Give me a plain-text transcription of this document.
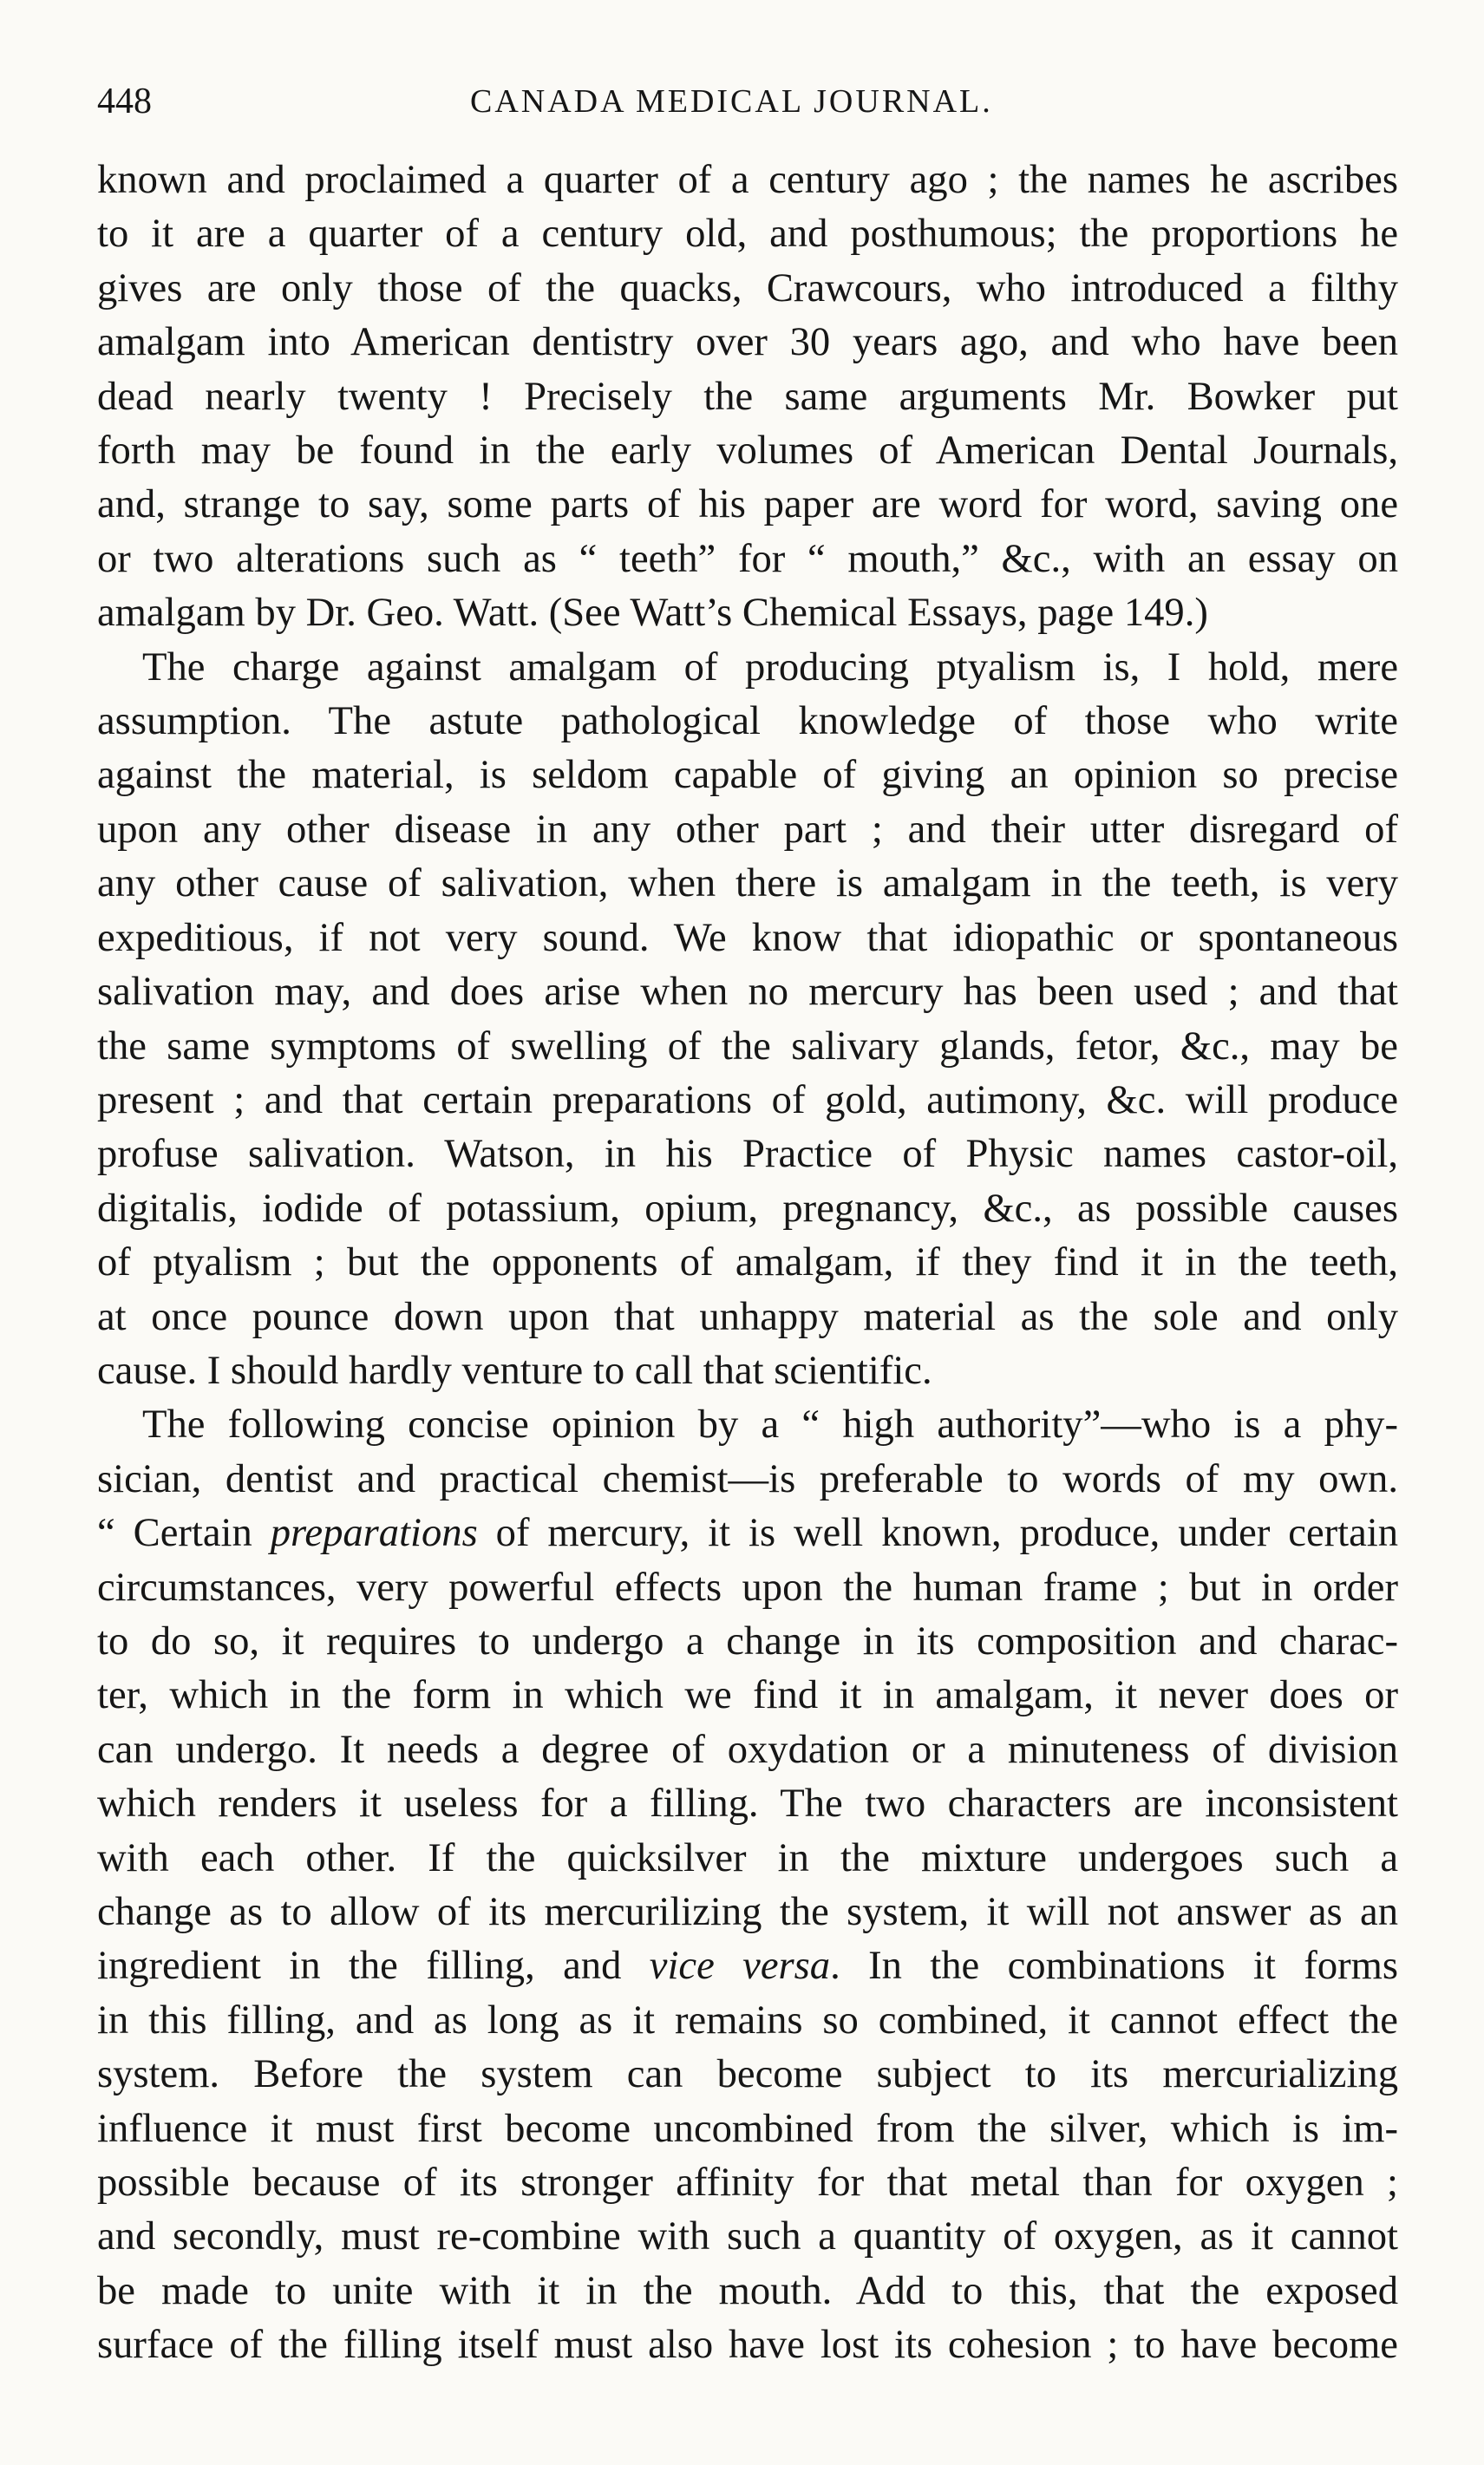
448	CANADA MEDICAL JOURNAL.
known and proclaimed a quarter of a century ago ; the names he ascribes
to it are a quarter of a century old, and posthumous; the proportions he
gives are only those of the quacks, Crawcours, who introduced a filthy
amalgam into American dentistry over 30 years ago, and who have been
dead nearly twenty ! Precisely the same arguments Mr. Bowker put
forth may be found in the early volumes of American Dental Journals,
and, strange to say, some parts of his paper are word for word, saving one
or two alterations such as “ teeth” for “ mouth,” &c., with an essay on
amalgam by Dr. Geo. Watt. (See Watt’s Chemical Essays, page 149.)
The charge against amalgam of producing ptyalism is, I hold, mere
assumption. The astute pathological knowledge of those who write
against the material, is seldom capable of giving an opinion so precise
upon any other disease in any other part ; and their utter disregard of
any other cause of salivation, when there is amalgam in the teeth, is very
expeditious, if not very sound. We know that idiopathic or spontaneous
salivation may, and does arise when no mercury has been used ; and that
the same symptoms of swelling of the salivary glands, fetor, &c., may be
present ; and that certain preparations of gold, autimony, &c. will produce
profuse salivation. Watson, in his Practice of Physic names castor-oil,
digitalis, iodide of potassium, opium, pregnancy, &c., as possible causes
of ptyalism ; but the opponents of amalgam, if they find it in the teeth,
at once pounce down upon that unhappy material as the sole and only
cause. I should hardly venture to call that scientific.
The following concise opinion by a “ high authority”—who is a phy-
sician, dentist and practical chemist—is preferable to words of my own.
“ Certain preparations of mercury, it is well known, produce, under certain
circumstances, very powerful effects upon the human frame ; but in order
to do so, it requires to undergo a change in its composition and charac-
ter, which in the form in which we find it in amalgam, it never does or
can undergo. It needs a degree of oxydation or a minuteness of division
which renders it useless for a filling. The two characters are inconsistent
with each other. If the quicksilver in the mixture undergoes such a
change as to allow of its mercurilizing the system, it will not answer as an
ingredient in the filling, and vice versa. In the combinations it forms
in this filling, and as long as it remains so combined, it cannot effect the
system. Before the system can become subject to its mercurializing
influence it must first become uncombined from the silver, which is im-
possible because of its stronger affinity for that metal than for oxygen ;
and secondly, must re-combine with such a quantity of oxygen, as it cannot
be made to unite with it in the mouth. Add to this, that the exposed
surface of the filling itself must also have lost its cohesion ; to have become
